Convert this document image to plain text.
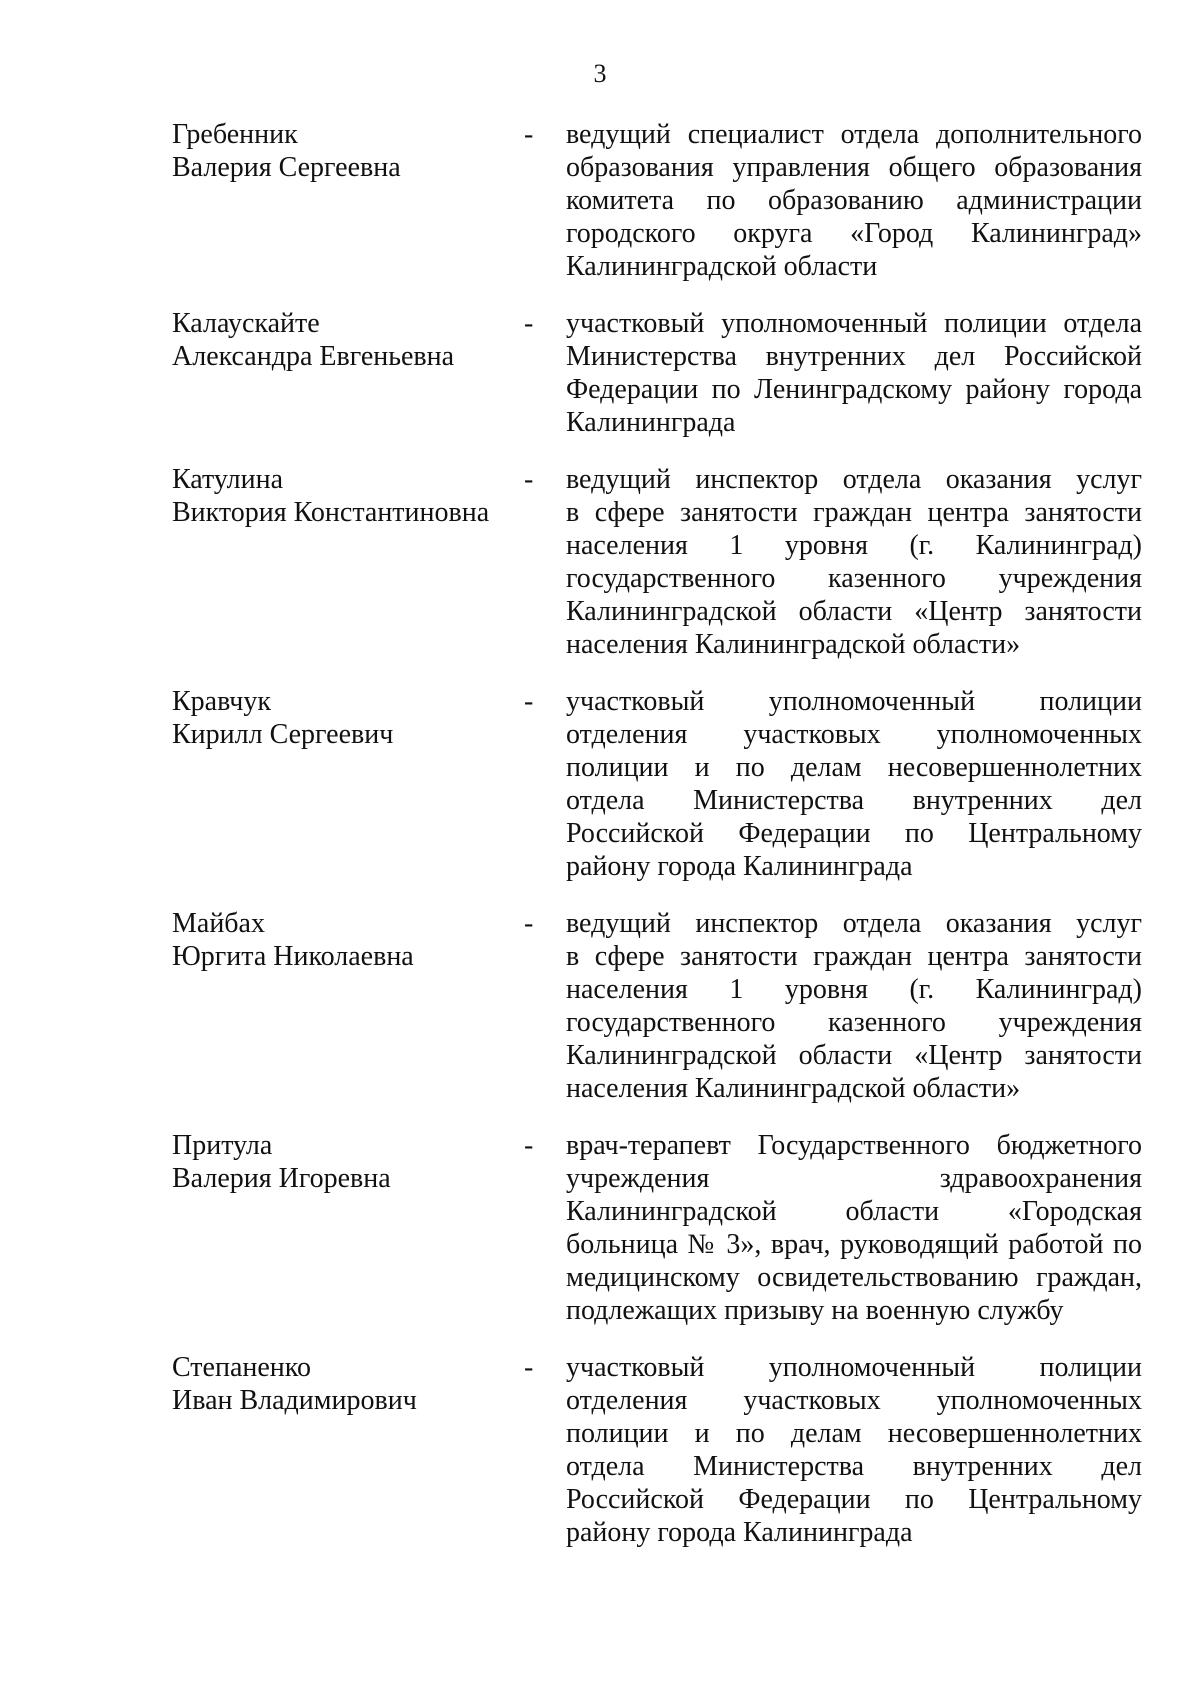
3
Гребенник
Валерия Сергеевна
- ведущий специалист отдела дополнительного
образования управления общего образования
комитета по образованию администрации
городского округа «Город Калининград»
Калининградской области
Калаускайте
Александра Евгеньевна
- участковый уполномоченный полиции отдела
Министерства внутренних дел Российской
Федерации по Ленинградскому району города
Калининграда
Катулина
Виктория Константиновна
- ведущий инспектор отдела оказания услуг
в сфере занятости граждан центра занятости
населения 1 уровня (г. Калининград)
государственного казенного учреждения
Калининградской области «Центр занятости
населения Калининградской области»
Кравчук
Кирилл Сергеевич
- участковый уполномоченный полиции
отделения участковых уполномоченных
полиции и по делам несовершеннолетних
отдела Министерства внутренних дел
Российской Федерации по Центральному
району города Калининграда
Майбах
Юргита Николаевна
- ведущий инспектор отдела оказания услуг
в сфере занятости граждан центра занятости
населения 1 уровня (г. Калининград)
государственного казенного учреждения
Калининградской области «Центр занятости
населения Калининградской области»
Притула
Валерия Игоревна
- врач-терапевт Государственного бюджетного
учреждения здравоохранения
Калининградской области «Городская
больница № 3», врач, руководящий работой по
медицинскому освидетельствованию граждан,
подлежащих призыву на военную службу
Степаненко
Иван Владимирович
- участковый уполномоченный полиции
отделения участковых уполномоченных
полиции и по делам несовершеннолетних
отдела Министерства внутренних дел
Российской Федерации по Центральному
району города Калининграда
